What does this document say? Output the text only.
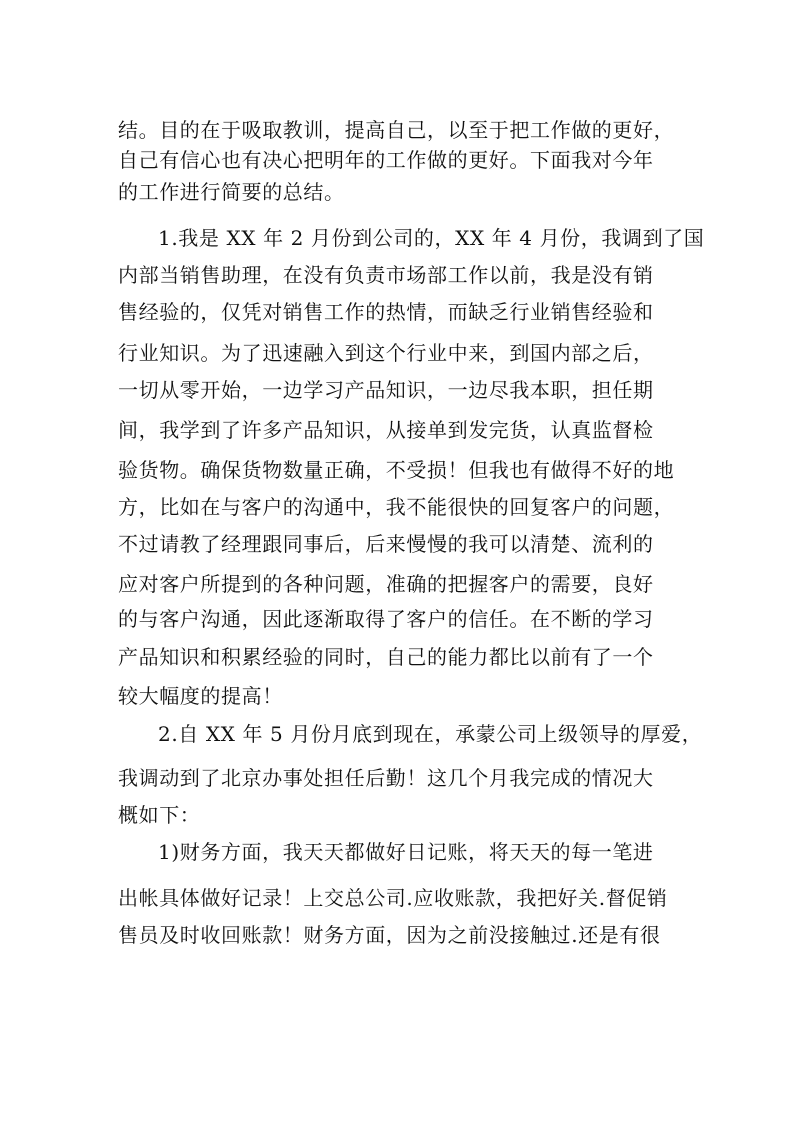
结。目的在于吸取教训，提高自己，以至于把工作做的更好，
自己有信心也有决心把明年的工作做的更好。下面我对今年
的工作进行简要的总结。
1.我是 XX 年 2 月份到公司的，XX 年 4 月份，我调到了国
内部当销售助理，在没有负责市场部工作以前，我是没有销
售经验的，仅凭对销售工作的热情，而缺乏行业销售经验和
行业知识。为了迅速融入到这个行业中来，到国内部之后，
一切从零开始，一边学习产品知识，一边尽我本职，担任期
间，我学到了许多产品知识，从接单到发完货，认真监督检
验货物。确保货物数量正确，不受损！但我也有做得不好的地
方，比如在与客户的沟通中，我不能很快的回复客户的问题，
不过请教了经理跟同事后，后来慢慢的我可以清楚、流利的
应对客户所提到的各种问题，准确的把握客户的需要，良好
的与客户沟通，因此逐渐取得了客户的信任。在不断的学习
产品知识和积累经验的同时，自己的能力都比以前有了一个
较大幅度的提高！
2.自 XX 年 5 月份月底到现在，承蒙公司上级领导的厚爱，
我调动到了北京办事处担任后勤！这几个月我完成的情况大
概如下：
1)财务方面，我天天都做好日记账，将天天的每一笔进
出帐具体做好记录！上交总公司.应收账款，我把好关.督促销
售员及时收回账款！财务方面，因为之前没接触过.还是有很
